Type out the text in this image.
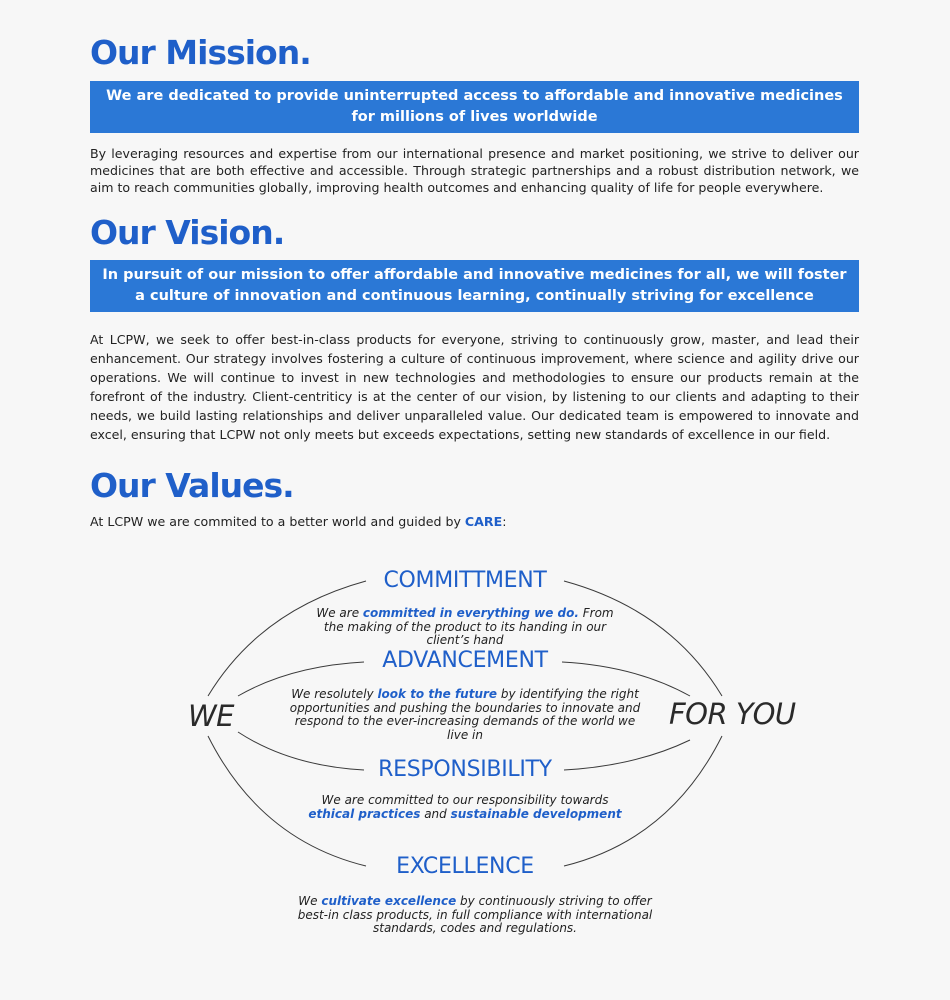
Our Mission.
We are dedicated to provide uninterrupted access to affordable and innovative medicines for millions of lives worldwide

By leveraging resources and expertise from our international presence and market positioning, we strive to deliver our medicines that are both effective and accessible. Through strategic partnerships and a robust distribution network, we aim to reach communities globally, improving health outcomes and enhancing quality of life for people everywhere.

Our Vision.
In pursuit of our mission to offer affordable and innovative medicines for all, we will foster a culture of innovation and continuous learning, continually striving for excellence

At LCPW, we seek to offer best-in-class products for everyone, striving to continuously grow, master, and lead their enhancement. Our strategy involves fostering a culture of continuous improvement, where science and agility drive our operations. We will continue to invest in new technologies and methodologies to ensure our products remain at the forefront of the industry. Client-centriticy is at the center of our vision, by listening to our clients and adapting to their needs, we build lasting relationships and deliver unparalleled value. Our dedicated team is empowered to innovate and excel, ensuring that LCPW not only meets but exceeds expectations, setting new standards of excellence in our field.

Our Values.

At LCPW we are commited to a better world and guided by CARE:

WE	FOR YOU
COMMITTMENT
We are committed in everything we do. From the making of the product to its handing in our client’s hand
ADVANCEMENT
We resolutely look to the future by identifying the right opportunities and pushing the boundaries to innovate and respond to the ever-increasing demands of the world we live in
RESPONSIBILITY
We are committed to our responsibility towards ethical practices and sustainable development
EXCELLENCE
We cultivate excellence by continuously striving to offer best-in class products, in full compliance with international standards, codes and regulations.
